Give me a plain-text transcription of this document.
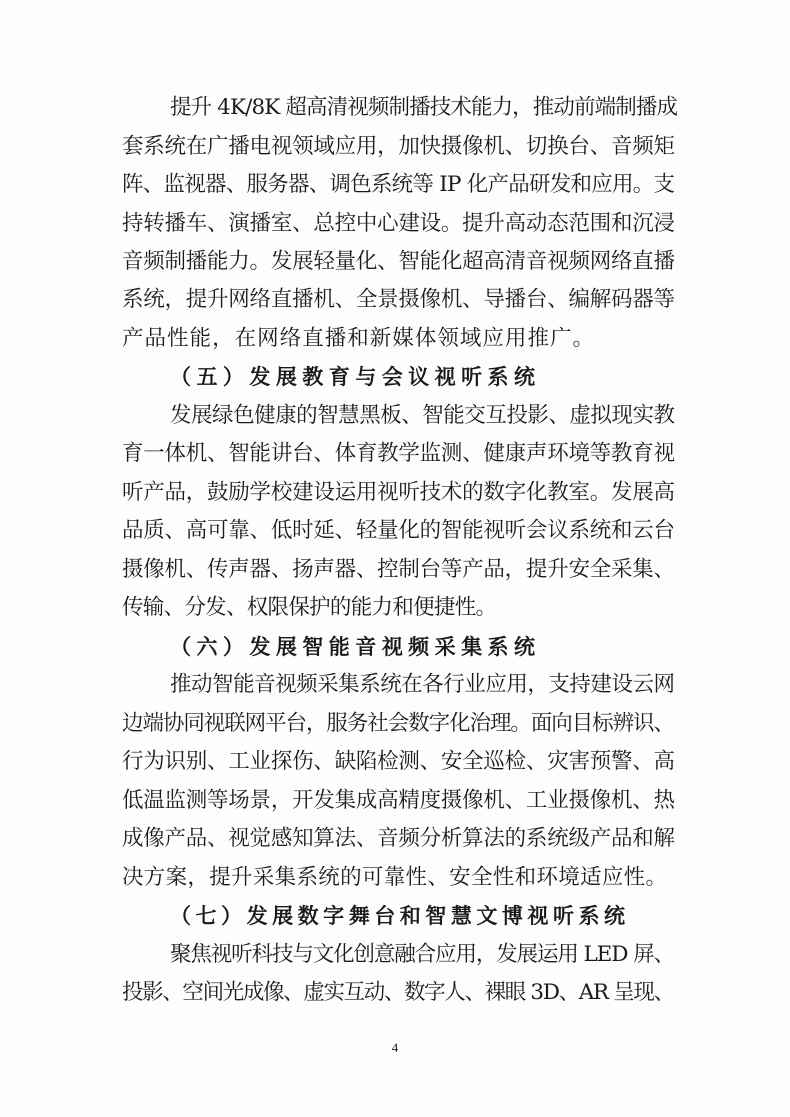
提升 4K/8K 超高清视频制播技术能力，推动前端制播成
套系统在广播电视领域应用，加快摄像机、切换台、音频矩
阵、监视器、服务器、调色系统等 IP 化产品研发和应用。支
持转播车、演播室、总控中心建设。提升高动态范围和沉浸
音频制播能力。发展轻量化、智能化超高清音视频网络直播
系统，提升网络直播机、全景摄像机、导播台、编解码器等
产品性能，在网络直播和新媒体领域应用推广。
（五）发展教育与会议视听系统
发展绿色健康的智慧黑板、智能交互投影、虚拟现实教
育一体机、智能讲台、体育教学监测、健康声环境等教育视
听产品，鼓励学校建设运用视听技术的数字化教室。发展高
品质、高可靠、低时延、轻量化的智能视听会议系统和云台
摄像机、传声器、扬声器、控制台等产品，提升安全采集、
传输、分发、权限保护的能力和便捷性。
（六）发展智能音视频采集系统
推动智能音视频采集系统在各行业应用，支持建设云网
边端协同视联网平台，服务社会数字化治理。面向目标辨识、
行为识别、工业探伤、缺陷检测、安全巡检、灾害预警、高
低温监测等场景，开发集成高精度摄像机、工业摄像机、热
成像产品、视觉感知算法、音频分析算法的系统级产品和解
决方案，提升采集系统的可靠性、安全性和环境适应性。
（七）发展数字舞台和智慧文博视听系统
聚焦视听科技与文化创意融合应用，发展运用 LED 屏、
投影、空间光成像、虚实互动、数字人、裸眼 3D、AR 呈现、
4
